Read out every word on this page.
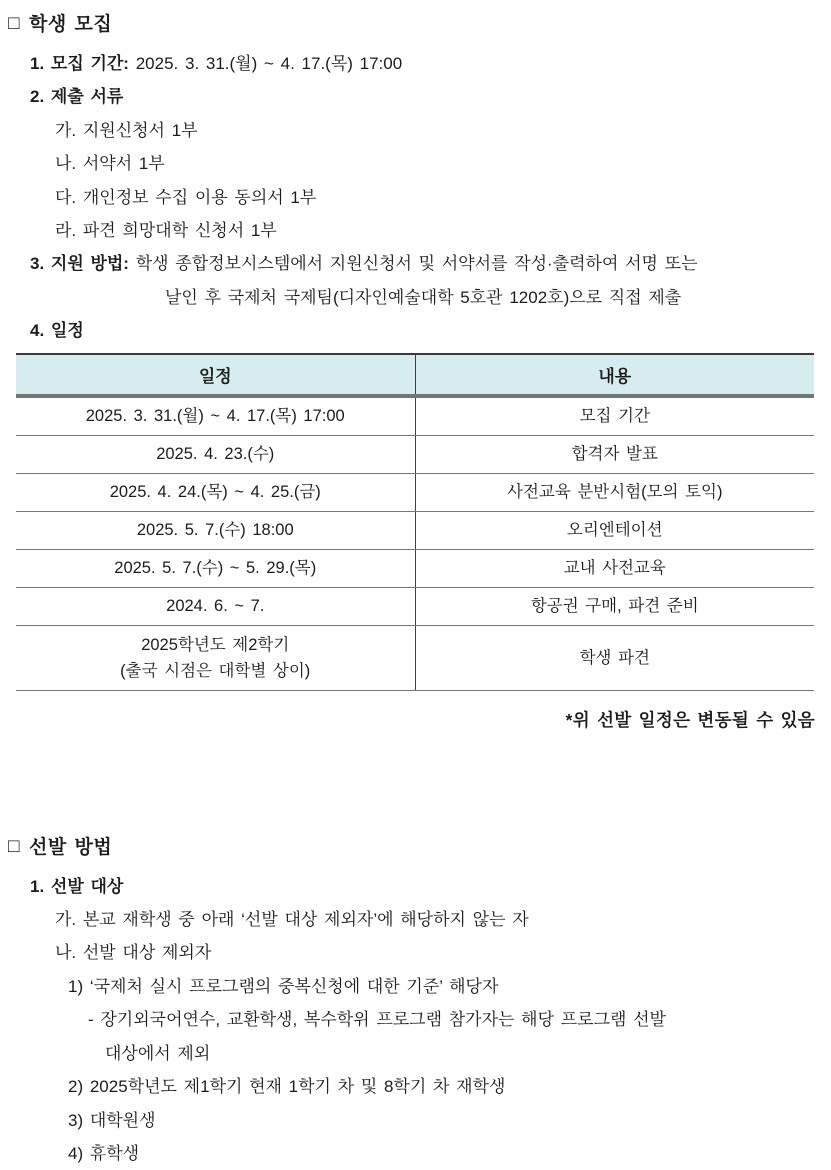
□ 학생 모집
1. 모집 기간: 2025. 3. 31.(월) ~ 4. 17.(목) 17:00
2. 제출 서류
가. 지원신청서 1부
나. 서약서 1부
다. 개인정보 수집 이용 동의서 1부
라. 파견 희망대학 신청서 1부
3. 지원 방법: 학생 종합정보시스템에서 지원신청서 및 서약서를 작성·출력하여 서명 또는
날인 후 국제처 국제팀(디자인예술대학 5호관 1202호)으로 직접 제출
4. 일정
일정	내용
2025. 3. 31.(월) ~ 4. 17.(목) 17:00	모집 기간
2025. 4. 23.(수)	합격자 발표
2025. 4. 24.(목) ~ 4. 25.(금)	사전교육 분반시험(모의 토익)
2025. 5. 7.(수) 18:00	오리엔테이션
2025. 5. 7.(수) ~ 5. 29.(목)	교내 사전교육
2024. 6. ~ 7.	항공권 구매, 파견 준비

2025학년도 제2학기
(출국 시점은 대학별 상이)	학생 파견
*위 선발 일정은 변동될 수 있음
□ 선발 방법
1. 선발 대상
가. 본교 재학생 중 아래 ‘선발 대상 제외자’에 해당하지 않는 자
나. 선발 대상 제외자
1) ‘국제처 실시 프로그램의 중복신청에 대한 기준’ 해당자
- 장기외국어연수, 교환학생, 복수학위 프로그램 참가자는 해당 프로그램 선발
대상에서 제외
2) 2025학년도 제1학기 현재 1학기 차 및 8학기 차 재학생
3) 대학원생
4) 휴학생
